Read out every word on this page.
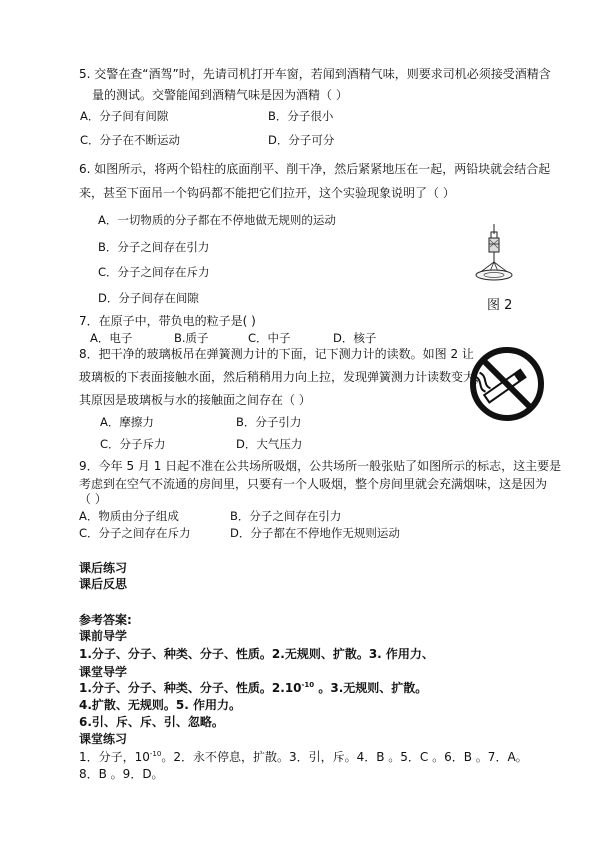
5. 交警在查“酒驾”时，先请司机打开车窗，若闻到酒精气味，则要求司机必须接受酒精含
量的测试。交警能闻到酒精气味是因为酒精（ ）
A．分子间有间隙	B．分子很小
C．分子在不断运动	D．分子可分
6. 如图所示，将两个铅柱的底面削平、削干净，然后紧紧地压在一起，两铅块就会结合起
来，甚至下面吊一个钩码都不能把它们拉开，这个实验现象说明了（ ）
A．一切物质的分子都在不停地做无规则的运动
B．分子之间存在引力
C．分子之间存在斥力
D．分子间存在间隙	图 2
7．在原子中，带负电的粒子是( )
A．电子	B.质子	C．中子	D．核子
8．把干净的玻璃板吊在弹簧测力计的下面，记下测力计的读数。如图 2 让
玻璃板的下表面接触水面，然后稍稍用力向上拉，发现弹簧测力计读数变大，
其原因是玻璃板与水的接触面之间存在（ ）
A．摩擦力	B．分子引力
C．分子斥力	D．大气压力
9．今年 5 月 1 日起不准在公共场所吸烟，公共场所一般张贴了如图所示的标志，这主要是
考虑到在空气不流通的房间里，只要有一个人吸烟，整个房间里就会充满烟味，这是因为
（ ）
A．物质由分子组成	B．分子之间存在引力
C．分子之间存在斥力	D．分子都在不停地作无规则运动
课后练习
课后反思
参考答案:
课前导学
1.分子、分子、种类、分子、性质。2.无规则、扩散。3. 作用力、
课堂导学
1.分子、分子、种类、分子、性质。$2.10^{-10}$ 。3.无规则、扩散。
4.扩散、无规则。5. 作用力。
6.引、斥、斥、引、忽略。
课堂练习
1．分子，$10^{-10}$。2．永不停息，扩散。3．引，斥。4．B 。5．C 。6．B 。7．A。
8．B 。9．D。
